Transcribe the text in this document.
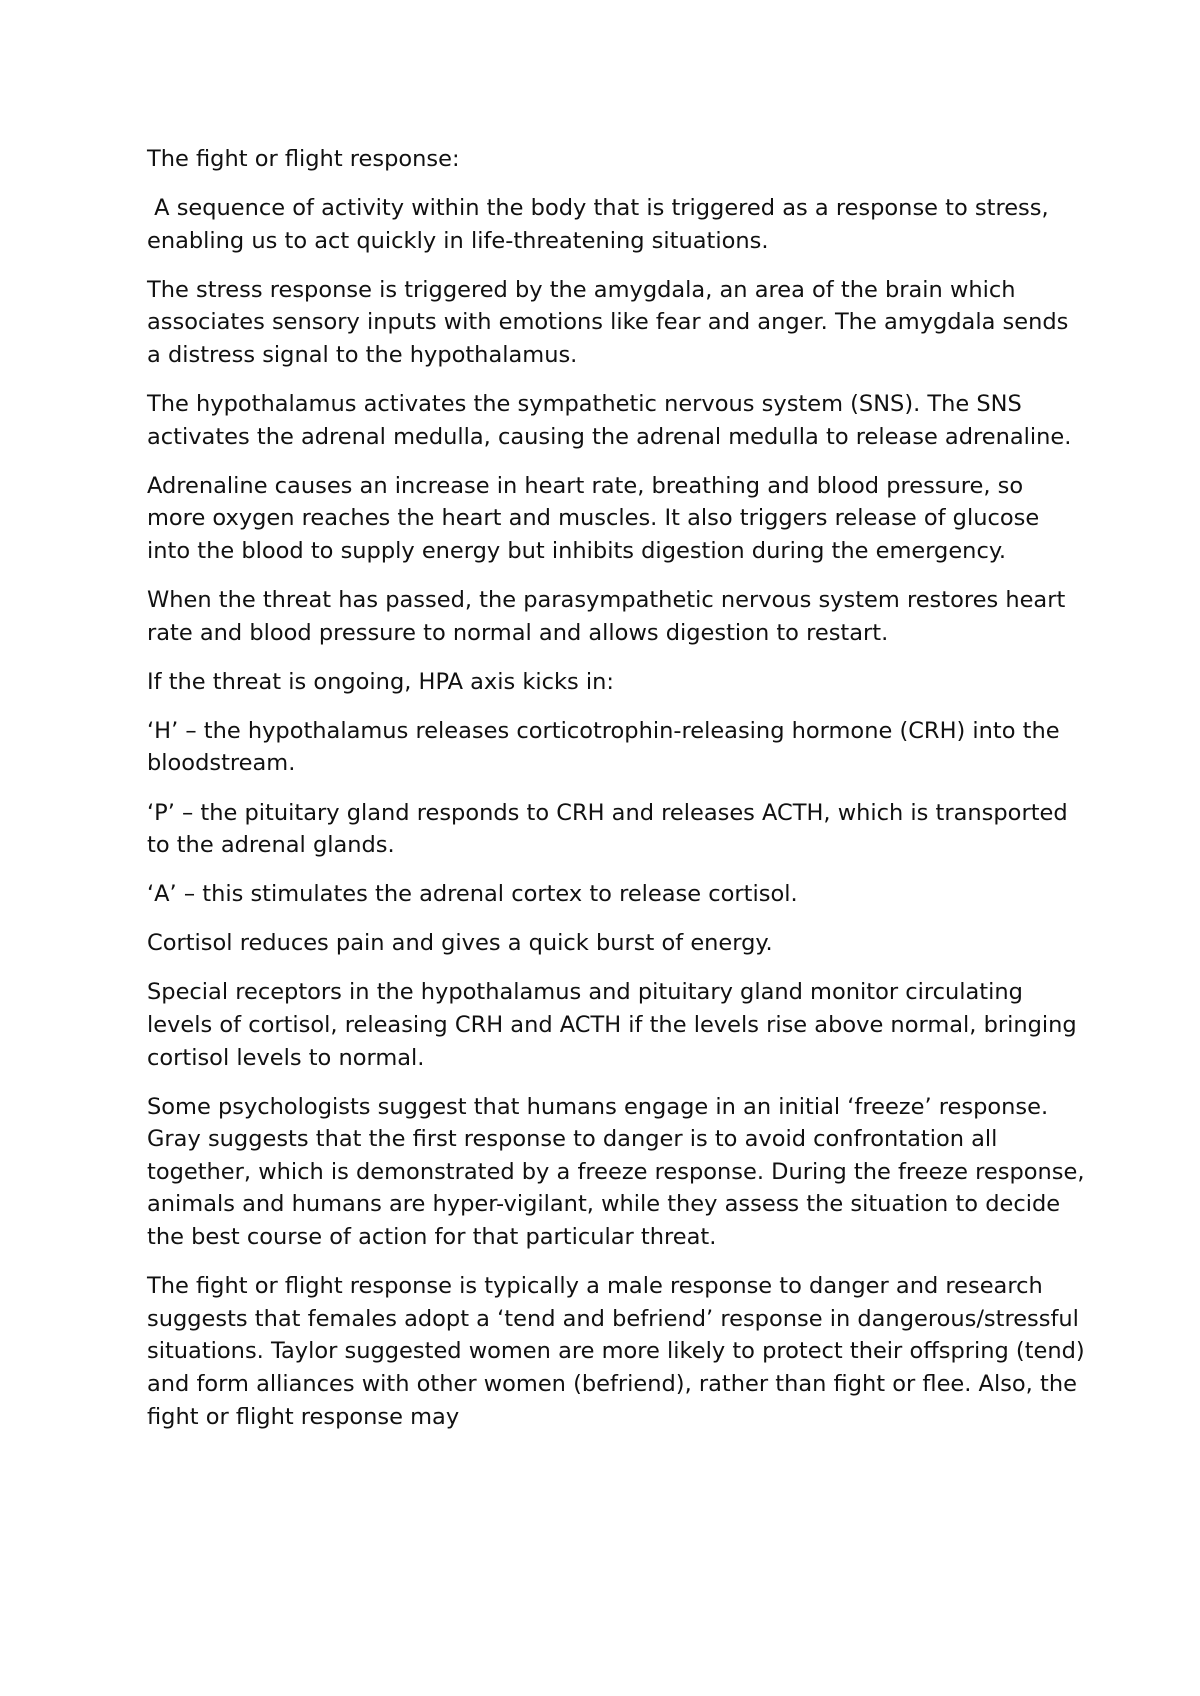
The fight or flight response:

A sequence of activity within the body that is triggered as a response to stress, enabling us to act quickly in life-threatening situations.

The stress response is triggered by the amygdala, an area of the brain which associates sensory inputs with emotions like fear and anger. The amygdala sends a distress signal to the hypothalamus.

The hypothalamus activates the sympathetic nervous system (SNS). The SNS activates the adrenal medulla, causing the adrenal medulla to release adrenaline.

Adrenaline causes an increase in heart rate, breathing and blood pressure, so more oxygen reaches the heart and muscles. It also triggers release of glucose into the blood to supply energy but inhibits digestion during the emergency.

When the threat has passed, the parasympathetic nervous system restores heart rate and blood pressure to normal and allows digestion to restart.

If the threat is ongoing, HPA axis kicks in:

‘H’ – the hypothalamus releases corticotrophin-releasing hormone (CRH) into the bloodstream.

‘P’ – the pituitary gland responds to CRH and releases ACTH, which is transported to the adrenal glands.

‘A’ – this stimulates the adrenal cortex to release cortisol.

Cortisol reduces pain and gives a quick burst of energy.

Special receptors in the hypothalamus and pituitary gland monitor circulating levels of cortisol, releasing CRH and ACTH if the levels rise above normal, bringing cortisol levels to normal.

Some psychologists suggest that humans engage in an initial ‘freeze’ response. Gray suggests that the first response to danger is to avoid confrontation all together, which is demonstrated by a freeze response. During the freeze response, animals and humans are hyper-vigilant, while they assess the situation to decide the best course of action for that particular threat.

The fight or flight response is typically a male response to danger and research suggests that females adopt a ‘tend and befriend’ response in dangerous/stressful situations. Taylor suggested women are more likely to protect their offspring (tend) and form alliances with other women (befriend), rather than fight or flee. Also, the fight or flight response may
